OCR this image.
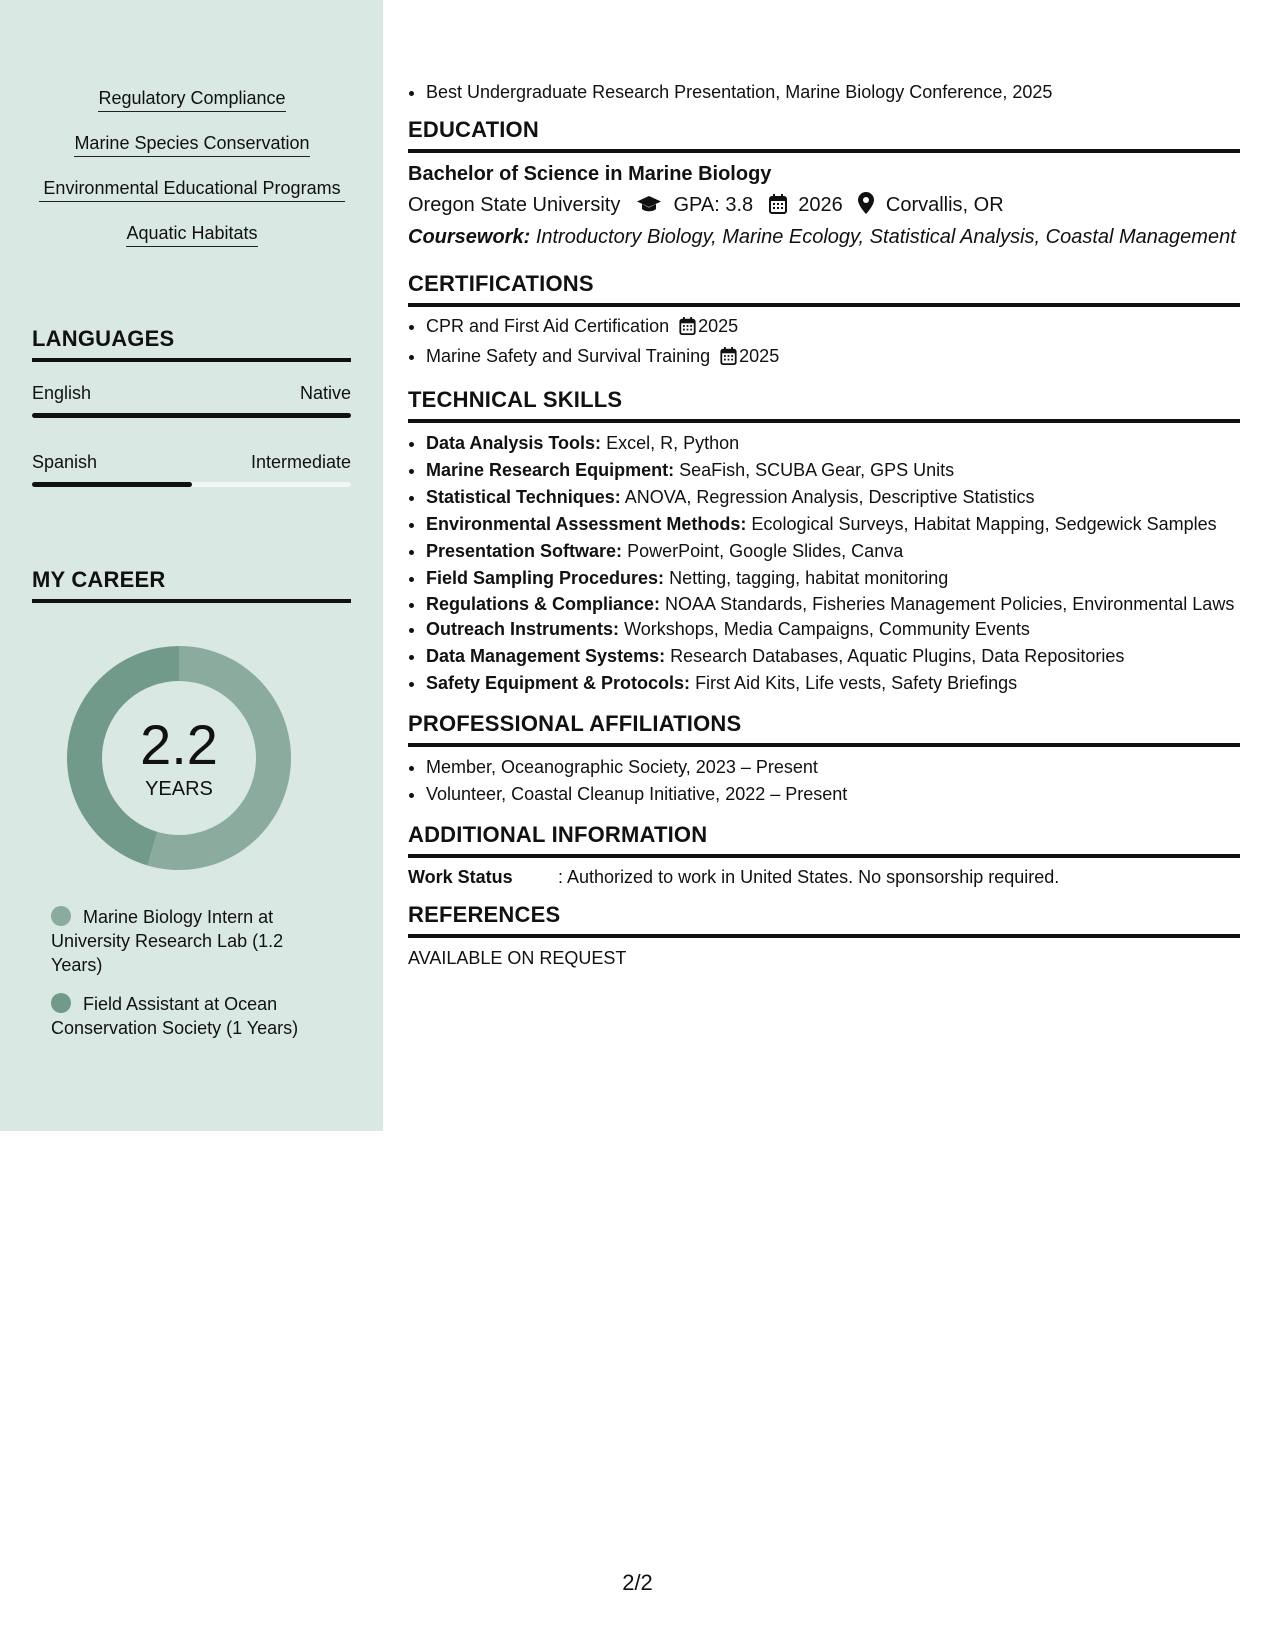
Regulatory Compliance
Marine Species Conservation
Environmental Educational Programs
Aquatic Habitats
LANGUAGES
English	Native
Spanish	Intermediate
MY CAREER
2.2
YEARS
Marine Biology Intern at University Research Lab (1.2 Years)
Field Assistant at Ocean Conservation Society (1 Years)
• Best Undergraduate Research Presentation, Marine Biology Conference, 2025
EDUCATION
Bachelor of Science in Marine Biology
Oregon State University	GPA: 3.8 2026 Corvallis, OR
Coursework: Introductory Biology, Marine Ecology, Statistical Analysis, Coastal Management
CERTIFICATIONS
• CPR and First Aid Certification 2025
• Marine Safety and Survival Training 2025
TECHNICAL SKILLS
• Data Analysis Tools: Excel, R, Python
• Marine Research Equipment: SeaFish, SCUBA Gear, GPS Units
• Statistical Techniques: ANOVA, Regression Analysis, Descriptive Statistics
• Environmental Assessment Methods: Ecological Surveys, Habitat Mapping, Sedgewick Samples
• Presentation Software: PowerPoint, Google Slides, Canva
• Field Sampling Procedures: Netting, tagging, habitat monitoring
• Regulations & Compliance: NOAA Standards, Fisheries Management Policies, Environmental Laws
• Outreach Instruments: Workshops, Media Campaigns, Community Events
• Data Management Systems: Research Databases, Aquatic Plugins, Data Repositories
• Safety Equipment & Protocols: First Aid Kits, Life vests, Safety Briefings
PROFESSIONAL AFFILIATIONS
• Member, Oceanographic Society, 2023 – Present
• Volunteer, Coastal Cleanup Initiative, 2022 – Present
ADDITIONAL INFORMATION
Work Status	: Authorized to work in United States. No sponsorship required.
REFERENCES
AVAILABLE ON REQUEST
2/2
